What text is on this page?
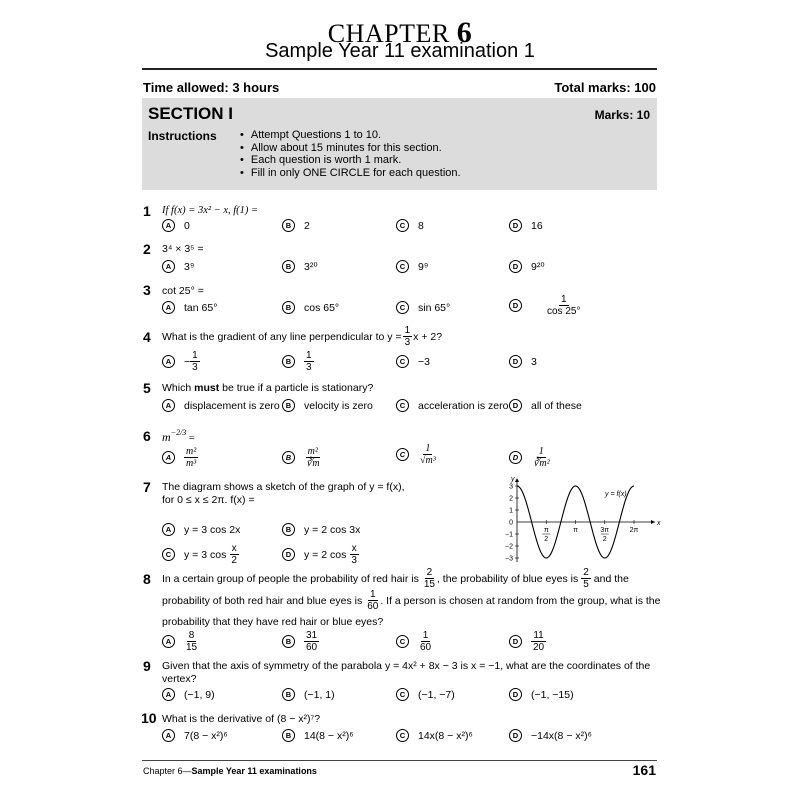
CHAPTER 6
Sample Year 11 examination 1
Time allowed: 3 hours	Total marks: 100
SECTION I	Marks: 10
Instructions
•	Attempt Questions 1 to 10.
• Allow about 15 minutes for this section.
• Each question is worth 1 mark.
• Fill in only ONE CIRCLE for each question.
1 If f(x) = 3x² − x, f(1) =
A	0	B	2	C	8	D	16
2 3⁴ × 3⁵ =
A	3⁹	B	3²⁰	C	9⁹	D	9²⁰
3 cot 25° =
A	tan 65°	B	cos 65°	C	sin 65°	D	$\frac{1}{\cos 25^\circ}$
4 What is the gradient of any line perpendicular to $y = \frac{1}{3}$ x + 2?
A	− $\frac{1}{3}$	B	$\frac{1}{3}$	C	−3	D	3
5 Which must be true if a particle is stationary?
A	displacement is zero B	velocity is zero	C	acceleration is zero D	all of these
6 m−2/3 =
A	$\frac{\text{m²}}{\text{m³}}$	B	$\frac{\text{m²}}{∛m}$	C	$\frac{1}{\text{√m³}}$	D	$\frac{1}{\text{∛m²}}$
7 The diagram shows a sketch of the graph of y = f(x),
for 0 ≤ x ≤ 2π. f(x) =
A	y = 3 cos 2x	B	y = 2 cos 3x
C	y = 3 $\cos \frac{x}{2}$	D	y = 2 $\cos \frac{x}{3}$
x
y
3
2
1
0
−1
−2
−3
π
2
π	3π
2
2π
y = f(x)
8 In a certain group of people the probability of red hair is $\frac{2}{15}$ , the probability of blue eyes is $\frac{2}{5}$ and the
probability of both red hair and blue eyes is $\frac{1}{60}$ . If a person is chosen at random from the group, what is the
probability that they have red hair or blue eyes?
A	$\frac{8}{15}$	B	$\frac{31}{60}$	C	$\frac{1}{60}$	D	$\frac{11}{20}$
9 Given that the axis of symmetry of the parabola y = 4x² + 8x − 3 is x = −1, what are the coordinates of the
vertex?
A	(−1, 9)	B	(−1, 1)	C	(−1, −7)	D	(−1, −15)
10 What is the derivative of (8 − x²)⁷?
A	7(8 − x²)⁶	B	14(8 − x²)⁶	C	14x(8 − x²)⁶	D	−14x(8 − x²)⁶
Chapter 6—Sample Year 11 examinations	161
